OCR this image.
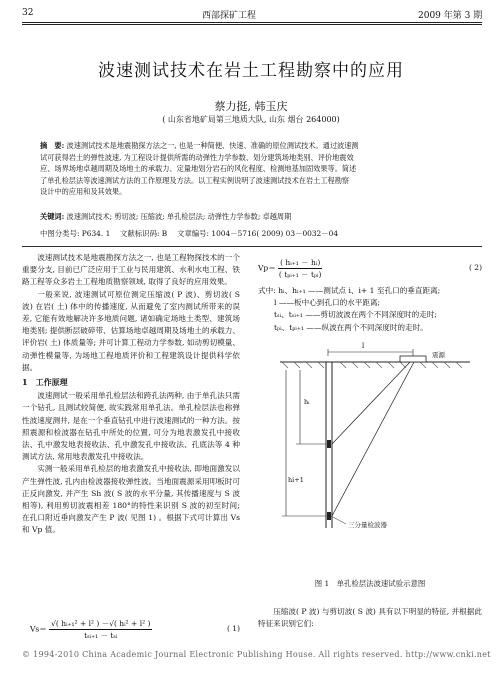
32	西部探矿工程	2009 年第 3 期
波速测试技术在岩土工程勘察中的应用
蔡力挺, 韩玉庆
( 山东省地矿局第三地质大队, 山东 烟台 264000)
摘　要: 波速测试技术是地震勘探方法之一, 也是一种简便、快速、准确的原位测试技术。通过波速测
试可获得岩土的弹性波速, 为工程设计提供所需的动弹性力学参数、划分建筑场地类别、评价地震效
应、场界场地卓越周期及场地土的承载力、定量地划分岩石的风化程度、检测地基加固效果等。简述
了单孔检层法等波速测试方法的工作原理及方法。以工程实例说明了波速测试技术在岩土工程勘察
设计中的应用和及其效果。
关键词: 波速测试技术; 剪切波; 压缩波; 单孔检层法; 动弹性力学参数; 卓越周期
中图分类号: P634. 1　 文献标识码: B　 文章编号: 1004－5716( 2009) 03－0032－04

波速测试技术是地震勘探方法之一, 也是工程物探技术的一个重要分支, 目前已广泛应用于工业与民用建筑、水利水电工程、铁路工程等众多岩土工程地质勘察领域, 取得了良好的应用效果。

一般来说, 波速测试可原位测定压缩波( P 波)、剪切波( S 波) 在岩( 土) 体中的传播速度, 从而避免了室内测试所带来的误差, 它能有效地解决许多地质问题, 诸如确定场地土类型、建筑场地类别; 提供断层破碎带、估算场地卓越周期及场地土的承载力、评价岩( 土) 体质量等; 并可计算工程动力学参数, 如动剪切模量、动弹性模量等, 为场地工程地质评价和工程建筑设计提供科学依据。

1　工作原理

波速测试一般采用单孔检层法和跨孔法两种, 由于单孔法只需一个钻孔, 且测试较简便, 故实践常用单孔法。单孔检层法也称弹性波速度测井, 是在一个垂直钻孔中进行波速测试的一种方法。按照震源和检波器在钻孔中所处的位置, 可分为地表激发孔中接收法、孔中激发地表接收法、孔中激发孔中接收法、孔底法等 4 种测试方法, 常用地表激发孔中接收法。

实测一般采用单孔检层的地表激发孔中接收法, 即地面激发以产生弹性波, 孔内由检波器接收弹性波。当地面震源采用叩板时可正反向激发, 并产生 Sh 波( S 波的水平分量, 其传播速度与 S 波相等), 利用剪切波震相差 180°的特性来识别 S 波的初至时间; 在孔口附近垂向激发产生 P 波( 见图 1) 。根据下式可计算出 Vs 和 Vp 值。

$Vs= \frac{\text{√( hᵢ₊₁² + l² ) －√( hᵢ² + l² )}}{\text{tₛᵢ₊₁ － tₛᵢ}}$	( 1)
$Vp= \frac{\text{( hᵢ₊₁ － hᵢ)}}{\text{( tₚᵢ₊₁ － tₚᵢ)}}$	( 2)
式中: hᵢ、hᵢ₊₁ ——测试点 i、i+ 1 至孔口的垂直距离;
l ——板中心到孔口的水平距离;
tₛᵢ、tₛᵢ₊₁ ——剪切波波在两个不同深度时的走时;
tₚᵢ、tₚᵢ₊₁ ——纵波在两个不同深度时的走时。
l
震源
hᵢ
hi+1
三分量检波器
图 1　单孔检层法波速试验示意图

压缩波( P 波) 与剪切波( S 波) 具有以下明显的特征, 并根据此特征来识别它们:

© 1994-2010 China Academic Journal Electronic Publishing House. All rights reserved. http://www.cnki.net
